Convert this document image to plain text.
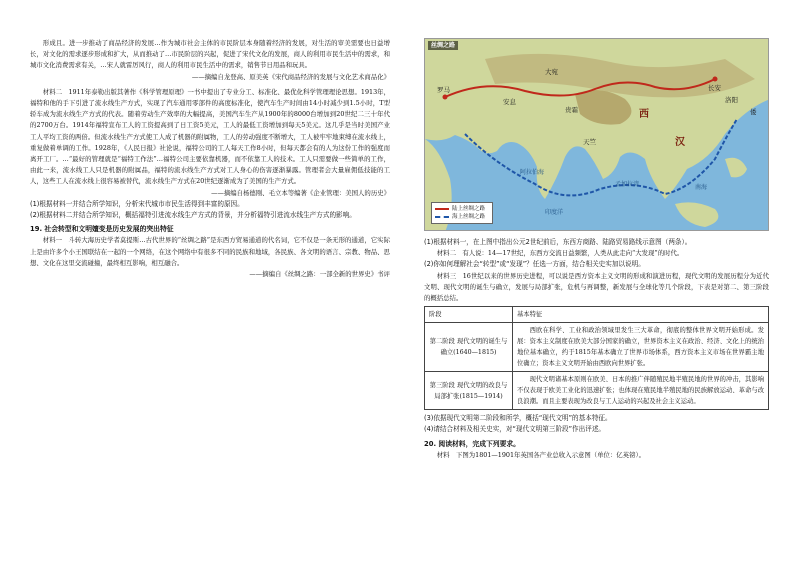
形成且。进一步推动了商品经济的发展…作为城市社会主体的市民阶层本身随着经济的发展，对生活的审美需要也日益增长，对文化的需求逐步形成和扩大，从而推动了…市民阶层的兴起，促进了宋代文化的发展，商人的利用市民生活中的需求，和城市文化消费需求有关，…宋人就雷厉风行，商人的利用市民生活中的需求，销售节日用品和玩具。

——摘编自龙登高、原美英《宋代商品经济的发展与文化艺术商品化》

材料二　1911年泰勒出版其著作《科学管理原理》一书中提出了专业分工、标准化、最优化科学管理理论思想。1913年，福特和他的手下引进了流水线生产方式，实现了汽车通用零部件的高度标准化，使汽车生产时间由14小时减少到1.5小时，T型轿车成为流水线生产方式的代表。随着劳动生产效率的大幅提高，美国汽车生产从1900年的8000台增加到20世纪二三十年代的2700万台。1914年福特宣布工人的工资提高到了日工资5美元，工人的最低工资增加到每天5美元。这几乎是当时美国产业工人平均工资的两倍。但流水线生产方式使工人成了机器的附属物，工人的劳动强度不断增大，工人被牢牢地束缚在流水线上，重复做着单调的工作。1928年，《人民日报》社论说，福特公司的工人每天工作8小时，但每天都会有的人为这份工作的强度而离开工厂。…“最好的管理就是“福特工作法”…福特公司主要依靠机器，而不依靠工人的技术。工人只需要做一些简单的工作，由此一来，流水线工人只是机器的附属品，福特的流水线生产方式对工人身心的伤害逐渐暴露。管理者会大量雇佣低技能的工人，这些工人在流水线上很容易被替代，流水线生产方式在20世纪逐渐成为了美国的生产方式。

——摘编自杨德刚、毛立本等编著《企业管理：美国人的历史》

(1)根据材料一并结合所学知识，分析宋代城市市民生活得到丰富的原因。

(2)根据材料二并结合所学知识，概括福特引进流水线生产方式的背景，并分析福特引进流水线生产方式的影响。

19. 社会转型和文明嬗变是历史发展的突出特征

材料一　斗转大海历史学者莫提斯…古代世界的“丝绸之路”是东西方贸易通道的代名词，它不仅是一条无形的通道，它实际上是由许多个小王国联结在一起的一个网络，在这个网络中有很多不同的民族和地域，各民族、各文明的语言、宗教、物品、思想、文化在这里交流碰撞，最终相互影响，相互融合。

——摘编自《丝绸之路：一部全新的世界史》书评

丝绸之路
汉
罗马
安息
大宛
贵霜
天竺
长安
洛阳
印度洋
阿拉伯海
孟加拉湾	南海
西	倭
陆上丝绸之路
海上丝绸之路

(1)根据材料一，在上图中指出公元2世纪前后，东西方商路、陆路贸易路线示意图（两条）。

材料二　有人说：14—17世纪，东西方交流日益频繁，人类从此走向“大发现”的时代。

(2)你如何理解社会“转型”或“发现”？任选一方面，结合相关史实加以说明。

材料三　16世纪以来的世界历史进程，可以说是西方资本主义文明的形成和演进历程，现代文明的发展历程分为近代文明、现代文明的诞生与确立，发展与局部扩张，危机与再调整，新发展与全球化等几个阶段，下表是对第二、第三阶段的概括总结。

阶段	基本特征
第二阶段 现代文明的诞生与确立(1640—1815)	西欧在科学、工业和政治领域里发生三大革命，彻底的整体世界文明开始形成。发展：资本主义制度在欧美大部分国家的确立，世界资本主义在政治、经济、文化上的统治地位基本确立，约于1815年基本确立了世界市场体系，西方资本主义市场在世界霸主地位确立；资本主义文明开始由西欧向世界扩张。
第三阶段 现代文明的改良与局部扩张(1815—1914)	现代文明诸基本原则在欧美、日本的推广伴随殖民地半殖民地的世界的冲击，其影响不仅表现于欧美工业化的迅速扩张；也体现在殖民地半殖民地的民族解放运动、革命与改良浪潮。而且主要表现为改良与工人运动的兴起及社会主义运动。

(3)依据现代文明第二阶段和所学，概括“现代文明”的基本特征。

(4)请结合材料及相关史实，对“现代文明第三阶段”作出评述。

20. 阅读材料，完成下列要求。

材料　下图为1801—1901年英国各产业总收入示意图（单位：亿英镑）。
